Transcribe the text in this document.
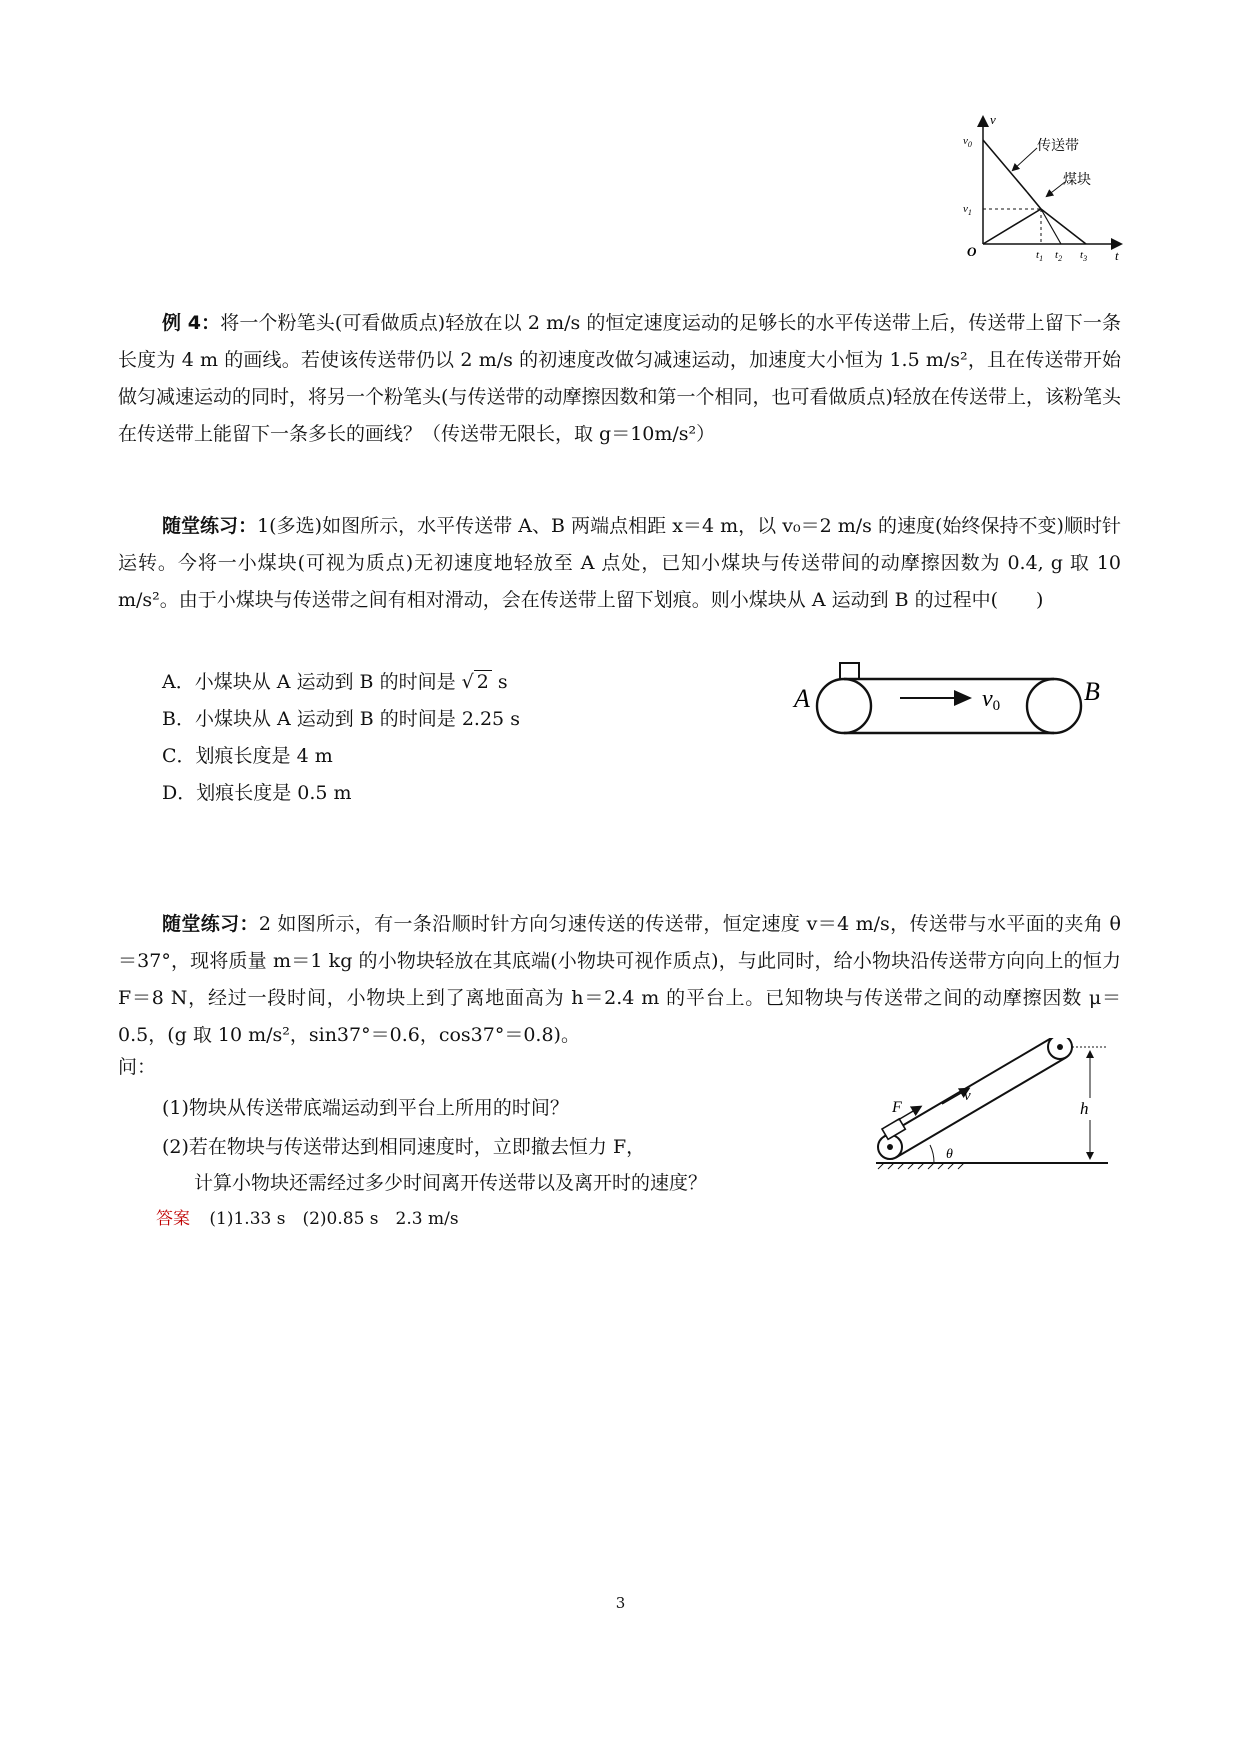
v
t
O
$v_0$
$v_1$
$t_1$ $t_2$ $t_3$
传送带
煤块
例 4：将一个粉笔头(可看做质点)轻放在以 2 m/s 的恒定速度运动的足够长的水平传送带上后，传送带上留下一条长度为 4 m 的画线。若使该传送带仍以 2 m/s 的初速度改做匀减速运动，加速度大小恒为 1.5 m/s²，且在传送带开始做匀减速运动的同时，将另一个粉笔头(与传送带的动摩擦因数和第一个相同，也可看做质点)轻放在传送带上，该粉笔头在传送带上能留下一条多长的画线？（传送带无限长，取 g＝10m/s²）
随堂练习：1(多选)如图所示，水平传送带 A、B 两端点相距 x＝4 m，以 v₀＝2 m/s 的速度(始终保持不变)顺时针运转。今将一小煤块(可视为质点)无初速度地轻放至 A 点处，已知小煤块与传送带间的动摩擦因数为 0.4, g 取 10 m/s²。由于小煤块与传送带之间有相对滑动，会在传送带上留下划痕。则小煤块从 A 运动到 B 的过程中(　　)
A．小煤块从 A 运动到 B 的时间是 √ 2 s
B．小煤块从 A 运动到 B 的时间是 2.25 s
C．划痕长度是 4 m
D．划痕长度是 0.5 m
A	B
v0
随堂练习：2 如图所示，有一条沿顺时针方向匀速传送的传送带，恒定速度 v＝4 m/s，传送带与水平面的夹角 θ＝37°，现将质量 m＝1 kg 的小物块轻放在其底端(小物块可视作质点)，与此同时，给小物块沿传送带方向向上的恒力 F＝8 N，经过一段时间，小物块上到了离地面高为 h＝2.4 m 的平台上。已知物块与传送带之间的动摩擦因数 μ＝0.5，(g 取 10 m/s²，sin37°＝0.6，cos37°＝0.8)。
问：
(1)物块从传送带底端运动到平台上所用的时间？
(2)若在物块与传送带达到相同速度时，立即撤去恒力 F，
计算小物块还需经过多少时间离开传送带以及离开时的速度？
答案 (1)1.33 s　(2)0.85 s　2.3 m/s
F
v
h
θ
3
